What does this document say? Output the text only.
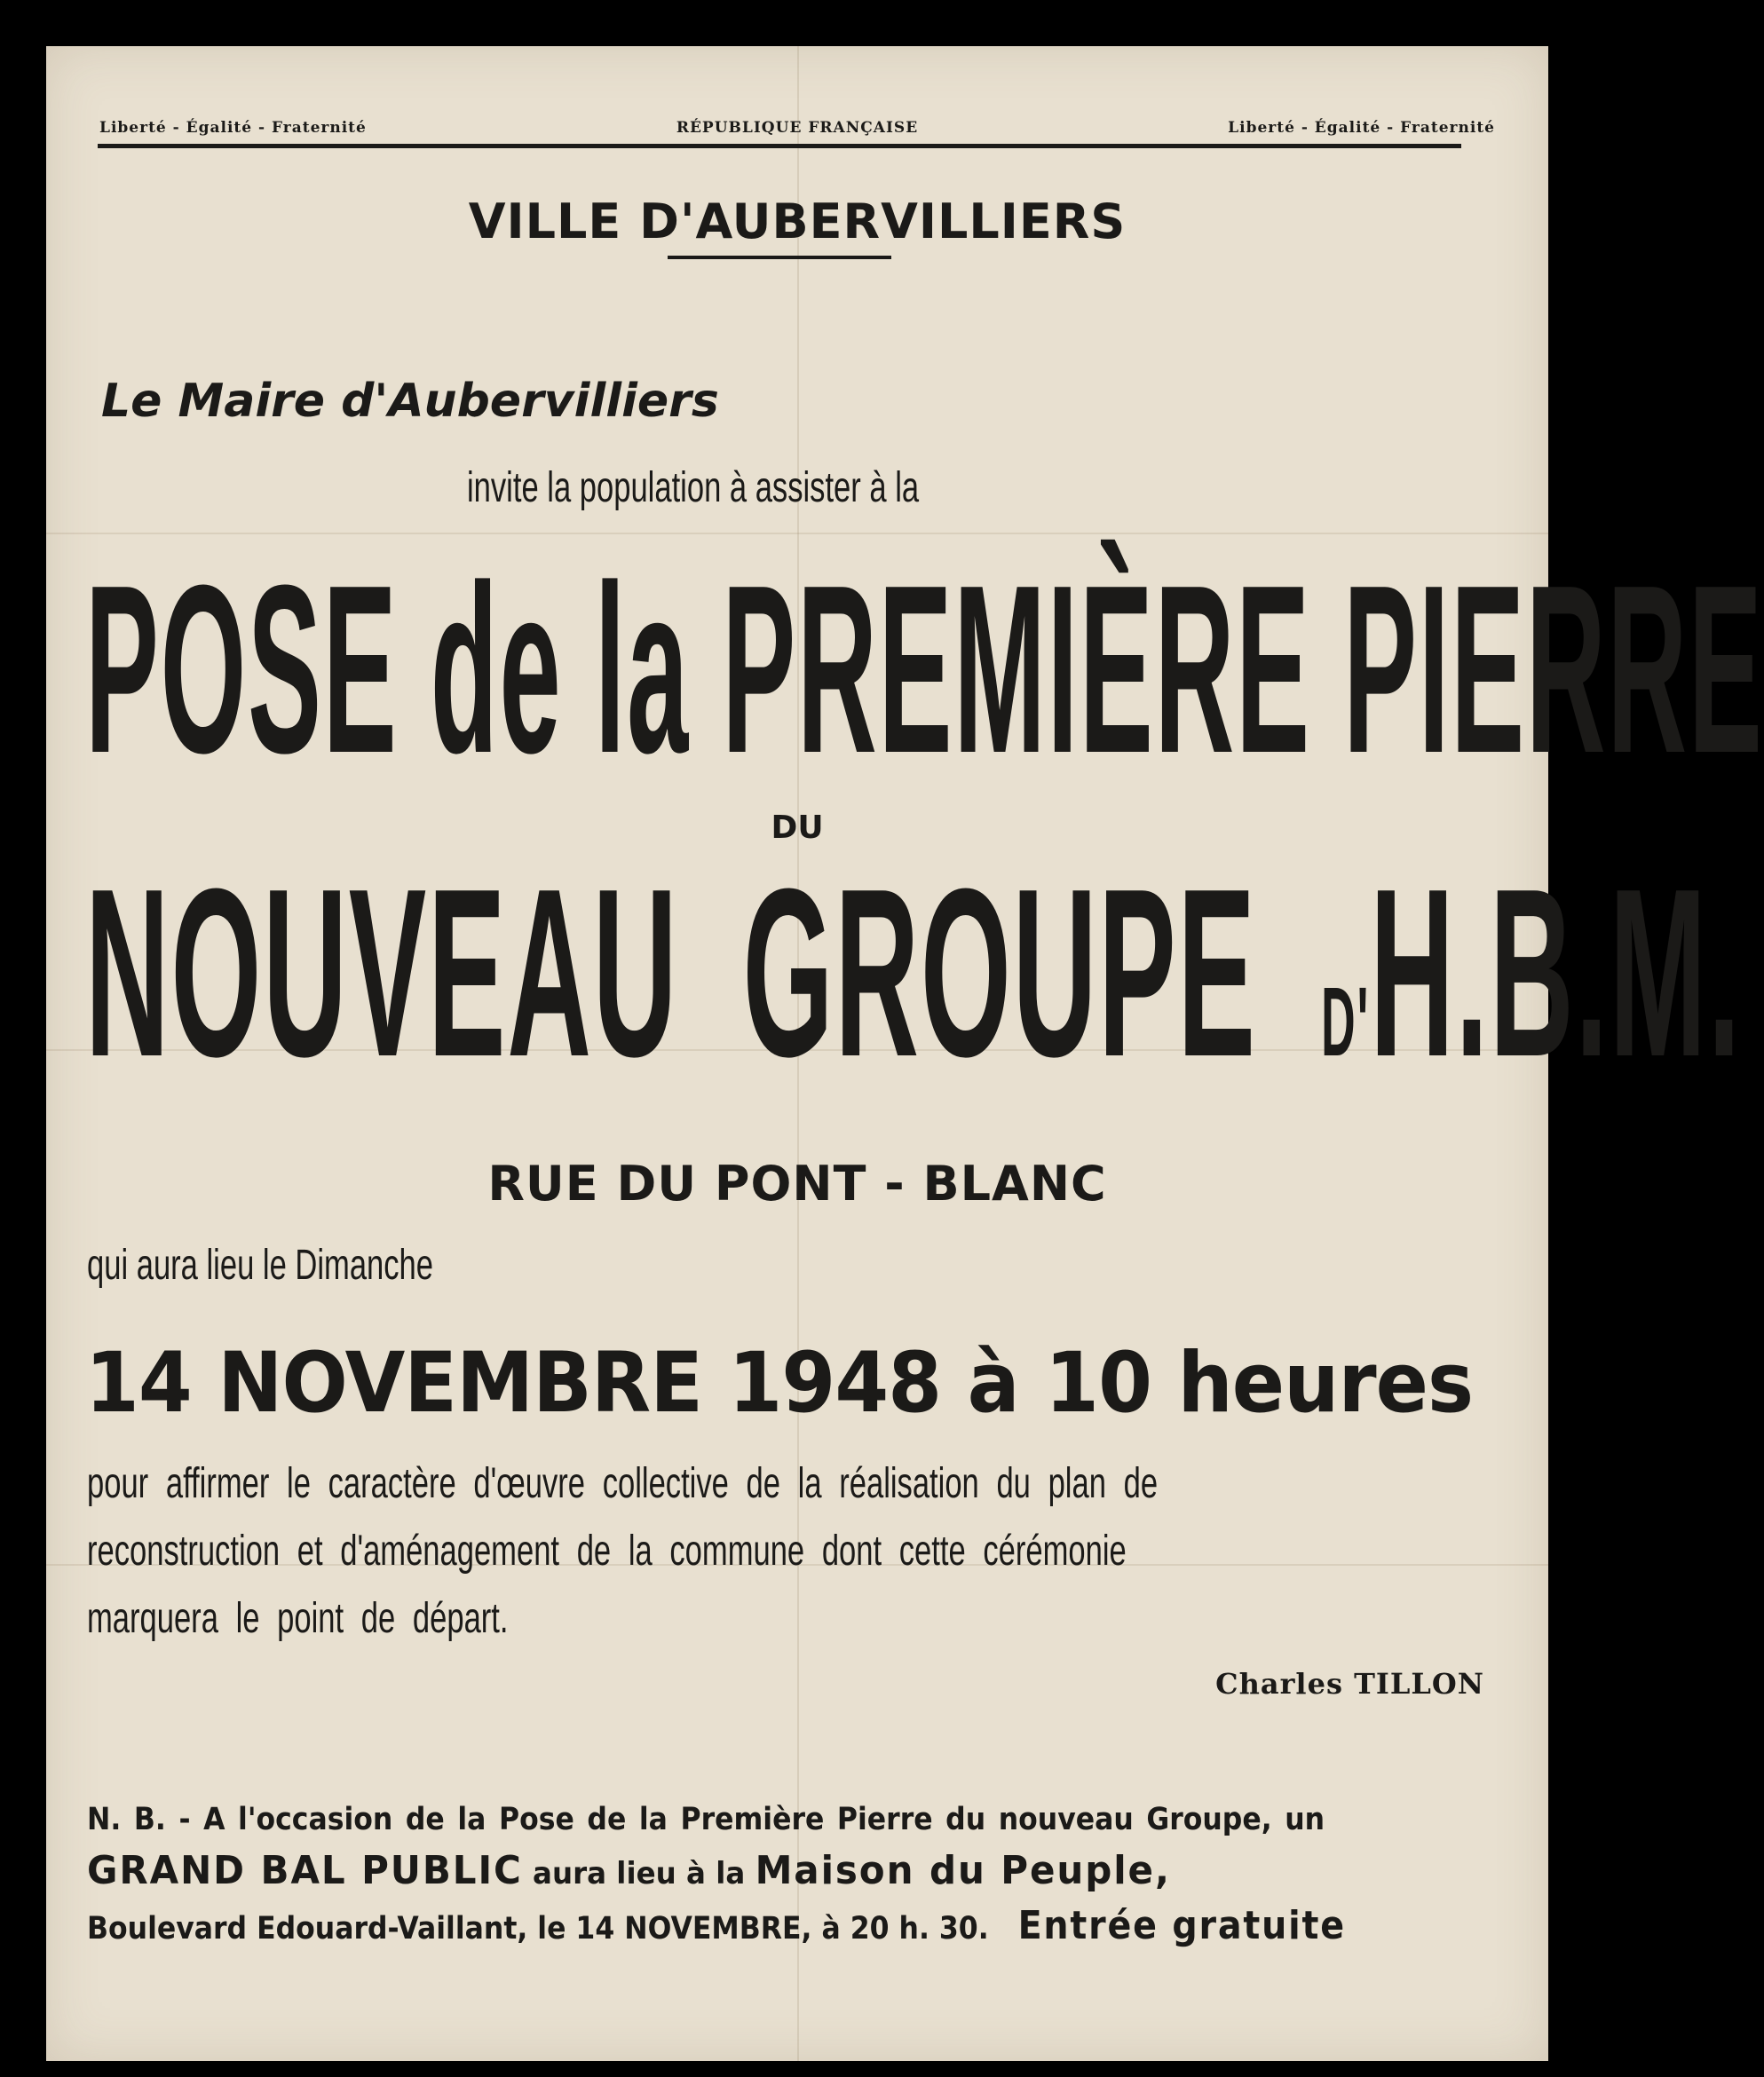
Liberté - Égalité - Fraternité	RÉPUBLIQUE FRANÇAISE	Liberté - Égalité - Fraternité

VILLE D'AUBERVILLIERS

Le Maire d'Aubervilliers

invite la population à assister à la

POSE de la PREMIÈRE PIERRE

DU

NOUVEAU GROUPE D'H.B.M.

RUE DU PONT - BLANC

qui aura lieu le Dimanche

14 NOVEMBRE 1948 à 10 heures

pour affirmer le caractère d'œuvre collective de la réalisation du plan de

reconstruction et d'aménagement de la commune dont cette cérémonie

marquera le point de départ.

Charles TILLON

N. B. - A l'occasion de la Pose de la Première Pierre du nouveau Groupe, un

GRAND BAL PUBLIC aura lieu à la Maison du Peuple,

Boulevard Edouard-Vaillant, le 14 NOVEMBRE, à 20 h. 30. Entrée gratuite
